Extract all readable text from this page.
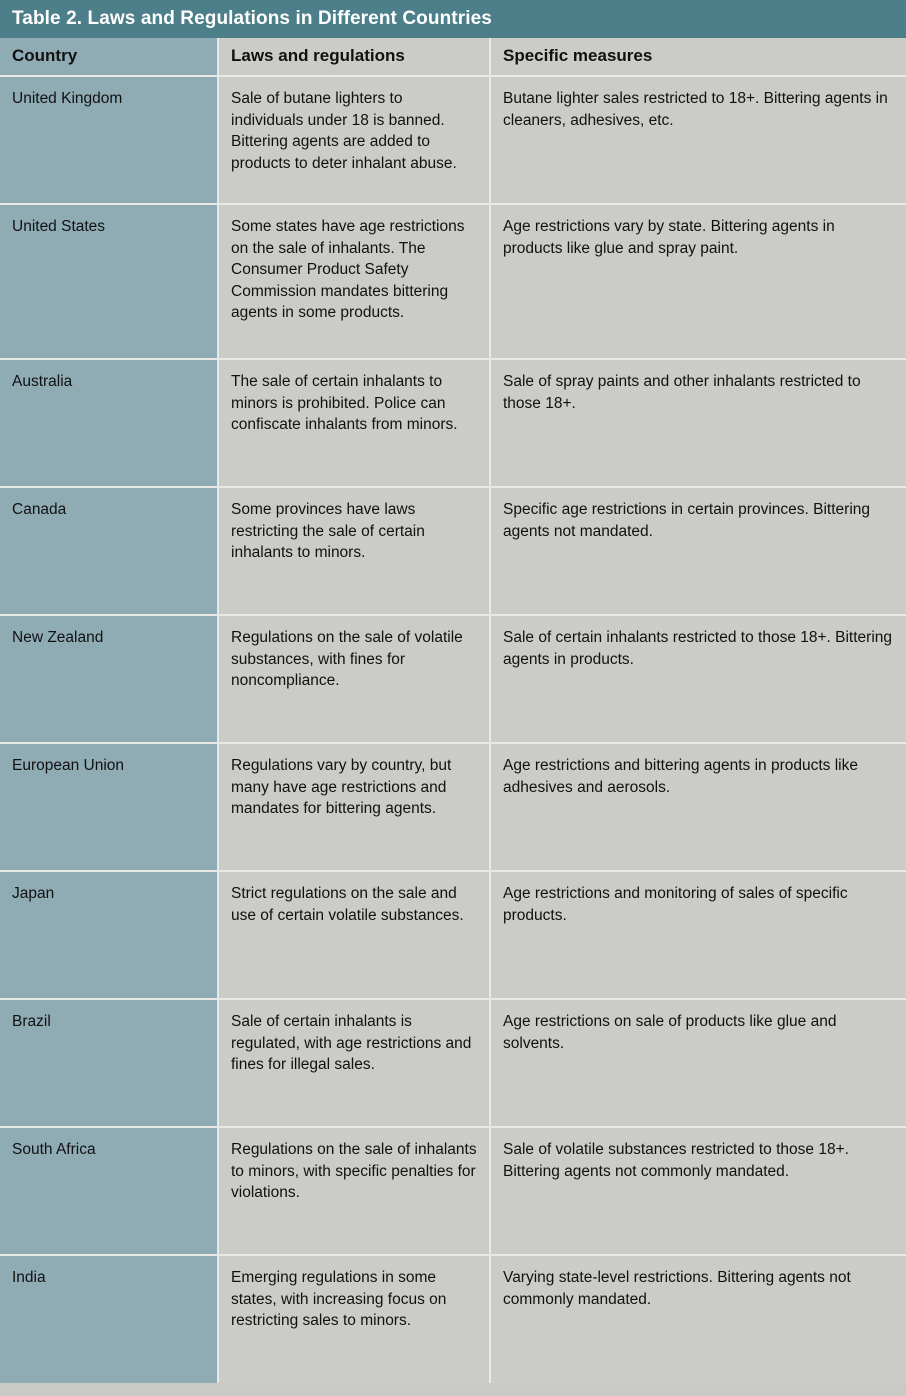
Table 2. Laws and Regulations in Different Countries
Country	Laws and regulations	Specific measures
United Kingdom	Sale of butane lighters to individuals under 18 is banned. Bittering agents are added to products to deter inhalant abuse.	Butane lighter sales restricted to 18+. Bittering agents in cleaners, adhesives, etc.
United States	Some states have age restrictions on the sale of inhalants. The Consumer Product Safety Commission mandates bittering agents in some products.	Age restrictions vary by state. Bittering agents in products like glue and spray paint.
Australia	The sale of certain inhalants to minors is prohibited. Police can confiscate inhalants from minors.	Sale of spray paints and other inhalants restricted to those 18+.
Canada	Some provinces have laws restricting the sale of certain inhalants to minors.	Specific age restrictions in certain provinces. Bittering agents not mandated.
New Zealand	Regulations on the sale of volatile substances, with fines for noncompliance.	Sale of certain inhalants restricted to those 18+. Bittering agents in products.
European Union	Regulations vary by country, but many have age restrictions and mandates for bittering agents.	Age restrictions and bittering agents in products like adhesives and aerosols.
Japan	Strict regulations on the sale and use of certain volatile substances.	Age restrictions and monitoring of sales of specific products.
Brazil	Sale of certain inhalants is regulated, with age restrictions and fines for illegal sales.	Age restrictions on sale of products like glue and solvents.
South Africa	Regulations on the sale of inhalants to minors, with specific penalties for violations.	Sale of volatile substances restricted to those 18+. Bittering agents not commonly mandated.
India	Emerging regulations in some states, with increasing focus on restricting sales to minors.	Varying state-level restrictions. Bittering agents not commonly mandated.
